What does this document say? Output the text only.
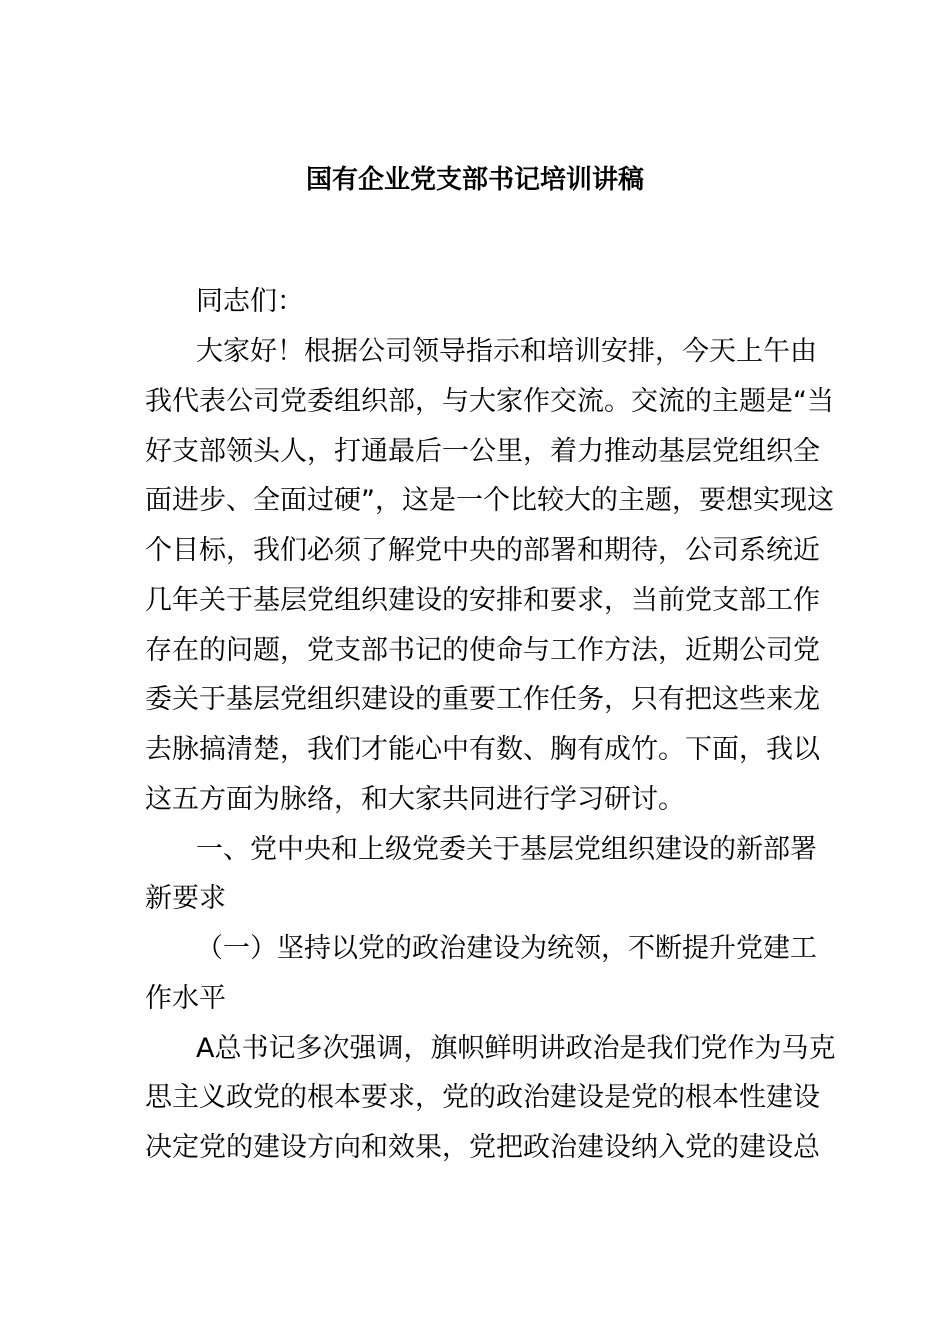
国有企业党支部书记培训讲稿
同志们：
大家好！根据公司领导指示和培训安排，今天上午由
我代表公司党委组织部，与大家作交流。交流的主题是“当
好支部领头人，打通最后一公里，着力推动基层党组织全
面进步、全面过硬”，这是一个比较大的主题，要想实现这
个目标，我们必须了解党中央的部署和期待，公司系统近
几年关于基层党组织建设的安排和要求，当前党支部工作
存在的问题，党支部书记的使命与工作方法，近期公司党
委关于基层党组织建设的重要工作任务，只有把这些来龙
去脉搞清楚，我们才能心中有数、胸有成竹。下面，我以
这五方面为脉络，和大家共同进行学习研讨。
一、党中央和上级党委关于基层党组织建设的新部署
新要求
（一）坚持以党的政治建设为统领，不断提升党建工
作水平
A总书记多次强调，旗帜鲜明讲政治是我们党作为马克
思主义政党的根本要求，党的政治建设是党的根本性建设
决定党的建设方向和效果，党把政治建设纳入党的建设总
